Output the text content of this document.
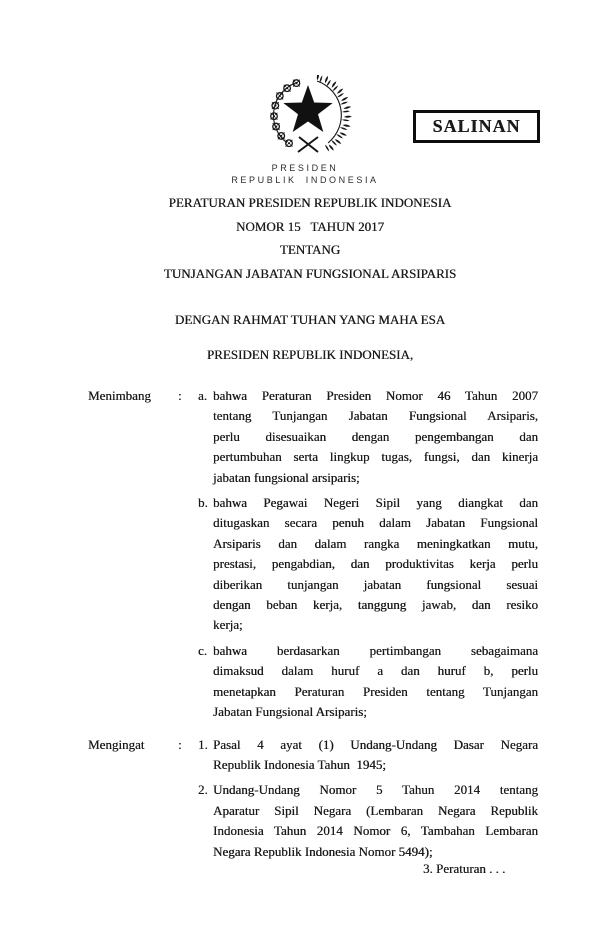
SALINAN
PRESIDEN
REPUBLIK INDONESIA
PERATURAN PRESIDEN REPUBLIK INDONESIA
NOMOR 15   TAHUN 2017
TENTANG
TUNJANGAN JABATAN FUNGSIONAL ARSIPARIS
DENGAN RAHMAT TUHAN YANG MAHA ESA
PRESIDEN REPUBLIK INDONESIA,
Menimbang	:	a. bahwa Peraturan Presiden Nomor 46 Tahun 2007
tentang Tunjangan Jabatan Fungsional Arsiparis,
perlu disesuaikan dengan pengembangan dan
pertumbuhan serta lingkup tugas, fungsi, dan kinerja
jabatan fungsional arsiparis;
b. bahwa Pegawai Negeri Sipil yang diangkat dan
ditugaskan secara penuh dalam Jabatan Fungsional
Arsiparis dan dalam rangka meningkatkan mutu,
prestasi, pengabdian, dan produktivitas kerja perlu
diberikan tunjangan jabatan fungsional sesuai
dengan beban kerja, tanggung jawab, dan resiko
kerja;
c. bahwa berdasarkan pertimbangan sebagaimana
dimaksud dalam huruf a dan huruf b, perlu
menetapkan Peraturan Presiden tentang Tunjangan
Jabatan Fungsional Arsiparis;
Mengingat	:	1. Pasal 4 ayat (1) Undang-Undang Dasar Negara
Republik Indonesia Tahun  1945;
2. Undang-Undang Nomor 5 Tahun 2014 tentang
Aparatur Sipil Negara (Lembaran Negara Republik
Indonesia Tahun 2014 Nomor 6, Tambahan Lembaran
Negara Republik Indonesia Nomor 5494);
3. Peraturan . . .
